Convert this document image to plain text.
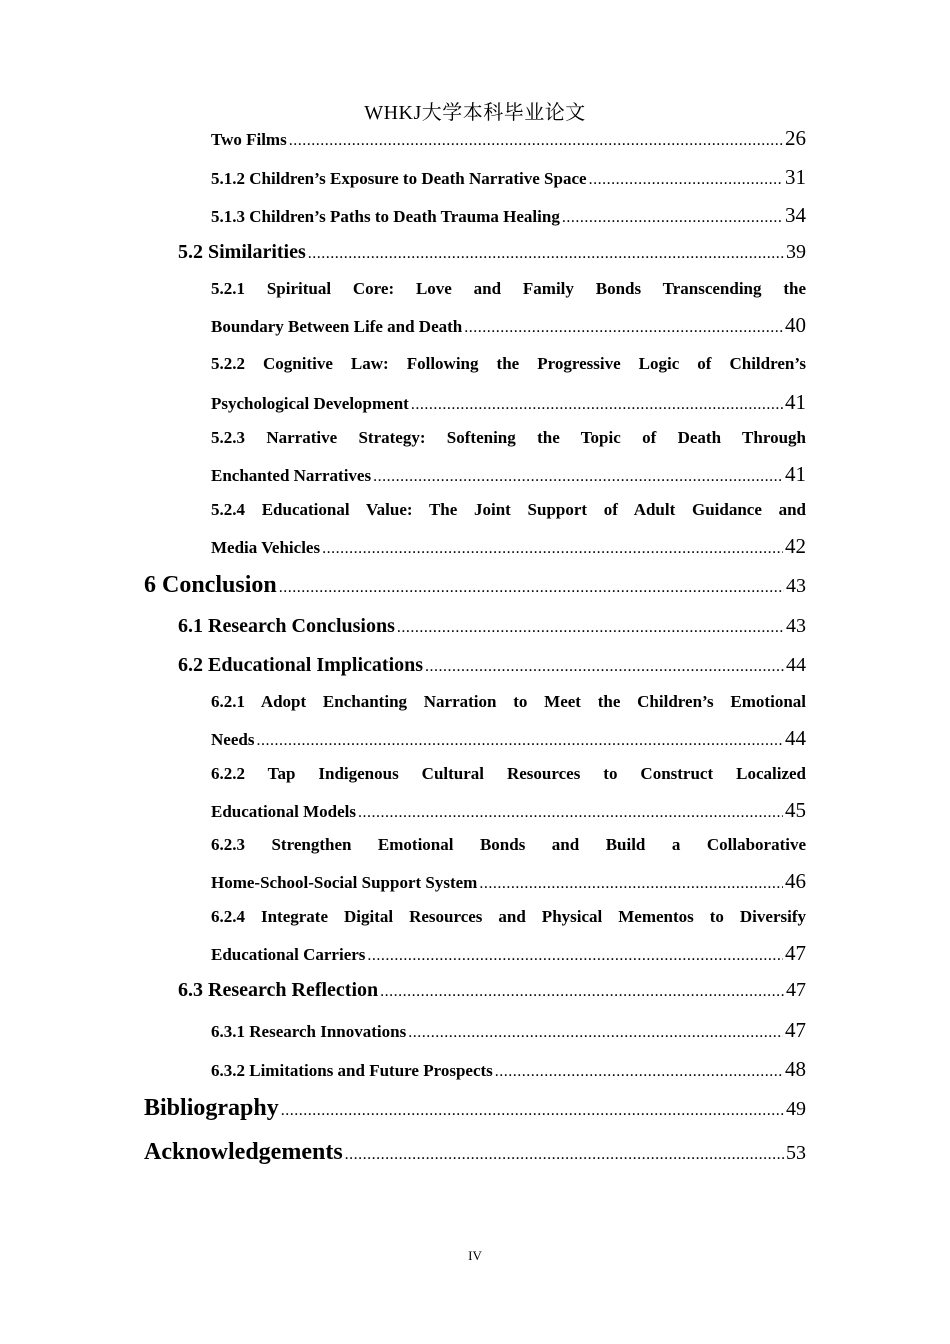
WHKJ大学本科毕业论文
Two Films .....	26
5.1.2 Children’s Exposure to Death Narrative Space .....	31
5.1.3 Children’s Paths to Death Trauma Healing .....	34
5.2 Similarities .....	39
5.2.1 Spiritual Core: Love and Family Bonds Transcending the
Boundary Between Life and Death .....	40
5.2.2 Cognitive Law: Following the Progressive Logic of Children’s
Psychological Development .....	41
5.2.3 Narrative Strategy: Softening the Topic of Death Through
Enchanted Narratives .....	41
5.2.4 Educational Value: The Joint Support of Adult Guidance and
Media Vehicles .....	42
6 Conclusion .....	43
6.1 Research Conclusions .....	43
6.2 Educational Implications .....	44
6.2.1 Adopt Enchanting Narration to Meet the Children’s Emotional
Needs .....	44
6.2.2 Tap Indigenous Cultural Resources to Construct Localized
Educational Models .....	45
6.2.3 Strengthen Emotional Bonds and Build a Collaborative
Home-School-Social Support System .....	46
6.2.4 Integrate Digital Resources and Physical Mementos to Diversify
Educational Carriers .....	47
6.3 Research Reflection .....	47
6.3.1 Research Innovations .....	47
6.3.2 Limitations and Future Prospects .....	48
Bibliography .....	49
Acknowledgements .....	53
IV
